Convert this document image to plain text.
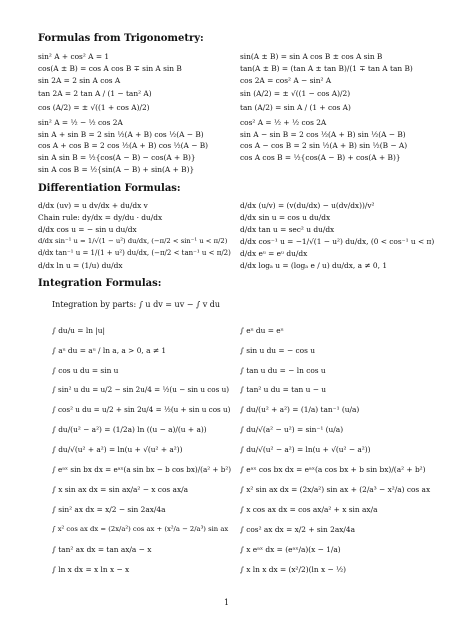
Formulas from Trigonometry:
sin² A + cos² A = 1
cos(A ± B) = cos A cos B ∓ sin A sin B
sin 2A = 2 sin A cos A
tan 2A = 2 tan A / (1 − tan² A)
cos (A/2) = ± √((1 + cos A)/2)
sin² A = ½ − ½ cos 2A
sin A + sin B = 2 sin ½(A + B) cos ½(A − B)
cos A + cos B = 2 cos ½(A + B) cos ½(A − B)
sin A sin B = ½{cos(A − B) − cos(A + B)}
sin A cos B = ½{sin(A − B) + sin(A + B)}
sin(A ± B) = sin A cos B ± cos A sin B
tan(A ± B) = (tan A ± tan B)/(1 ∓ tan A tan B)
cos 2A = cos² A − sin² A
sin (A/2) = ± √((1 − cos A)/2)
tan (A/2) = sin A / (1 + cos A)
cos² A = ½ + ½ cos 2A
sin A − sin B = 2 cos ½(A + B) sin ½(A − B)
cos A − cos B = 2 sin ½(A + B) sin ½(B − A)
cos A cos B = ½{cos(A − B) + cos(A + B)}
Differentiation Formulas:
d/dx (uv) = u dv/dx + du/dx v
Chain rule: dy/dx = dy/du · du/dx
d/dx cos u = − sin u du/dx
d/dx sin⁻¹ u = 1/√(1 − u²) du/dx, (−π/2 < sin⁻¹ u < π/2)
d/dx tan⁻¹ u = 1/(1 + u²) du/dx, (−π/2 < tan⁻¹ u < π/2)
d/dx ln u = (1/u) du/dx
d/dx (u/v) = (v(du/dx) − u(dv/dx))/v²
d/dx sin u = cos u du/dx
d/dx tan u = sec² u du/dx
d/dx cos⁻¹ u = −1/√(1 − u²) du/dx, (0 < cos⁻¹ u < π)
d/dx eᵘ = eᵘ du/dx
d/dx logₐ u = (logₐ e / u) du/dx, a ≠ 0, 1
Integration Formulas:
Integration by parts: ∫ u dv = uv − ∫ v du
∫ du/u = ln |u|
∫ aᵘ du = aᵘ / ln a, a > 0, a ≠ 1
∫ cos u du = sin u
∫ sin² u du = u/2 − sin 2u/4 = ½(u − sin u cos u)
∫ cos² u du = u/2 + sin 2u/4 = ½(u + sin u cos u)
∫ du/(u² − a²) = (1/2a) ln ((u − a)/(u + a))
∫ du/√(u² + a²) = ln(u + √(u² + a²))
∫ eᵃˣ sin bx dx = eᵃˣ(a sin bx − b cos bx)/(a² + b²)
∫ x sin ax dx = sin ax/a² − x cos ax/a
∫ sin² ax dx = x/2 − sin 2ax/4a
∫ x² cos ax dx = (2x/a²) cos ax + (x²/a − 2/a³) sin ax
∫ tan² ax dx = tan ax/a − x
∫ ln x dx = x ln x − x
∫ eᵘ du = eᵘ
∫ sin u du = − cos u
∫ tan u du = − ln cos u
∫ tan² u du = tan u − u
∫ du/(u² + a²) = (1/a) tan⁻¹ (u/a)
∫ du/√(a² − u²) = sin⁻¹ (u/a)
∫ du/√(u² − a²) = ln(u + √(u² − a²))
∫ eᵃˣ cos bx dx = eᵃˣ(a cos bx + b sin bx)/(a² + b²)
∫ x² sin ax dx = (2x/a²) sin ax + (2/a³ − x²/a) cos ax
∫ x cos ax dx = cos ax/a² + x sin ax/a
∫ cos² ax dx = x/2 + sin 2ax/4a
∫ x eᵃˣ dx = (eᵃˣ/a)(x − 1/a)
∫ x ln x dx = (x²/2)(ln x − ½)
1
